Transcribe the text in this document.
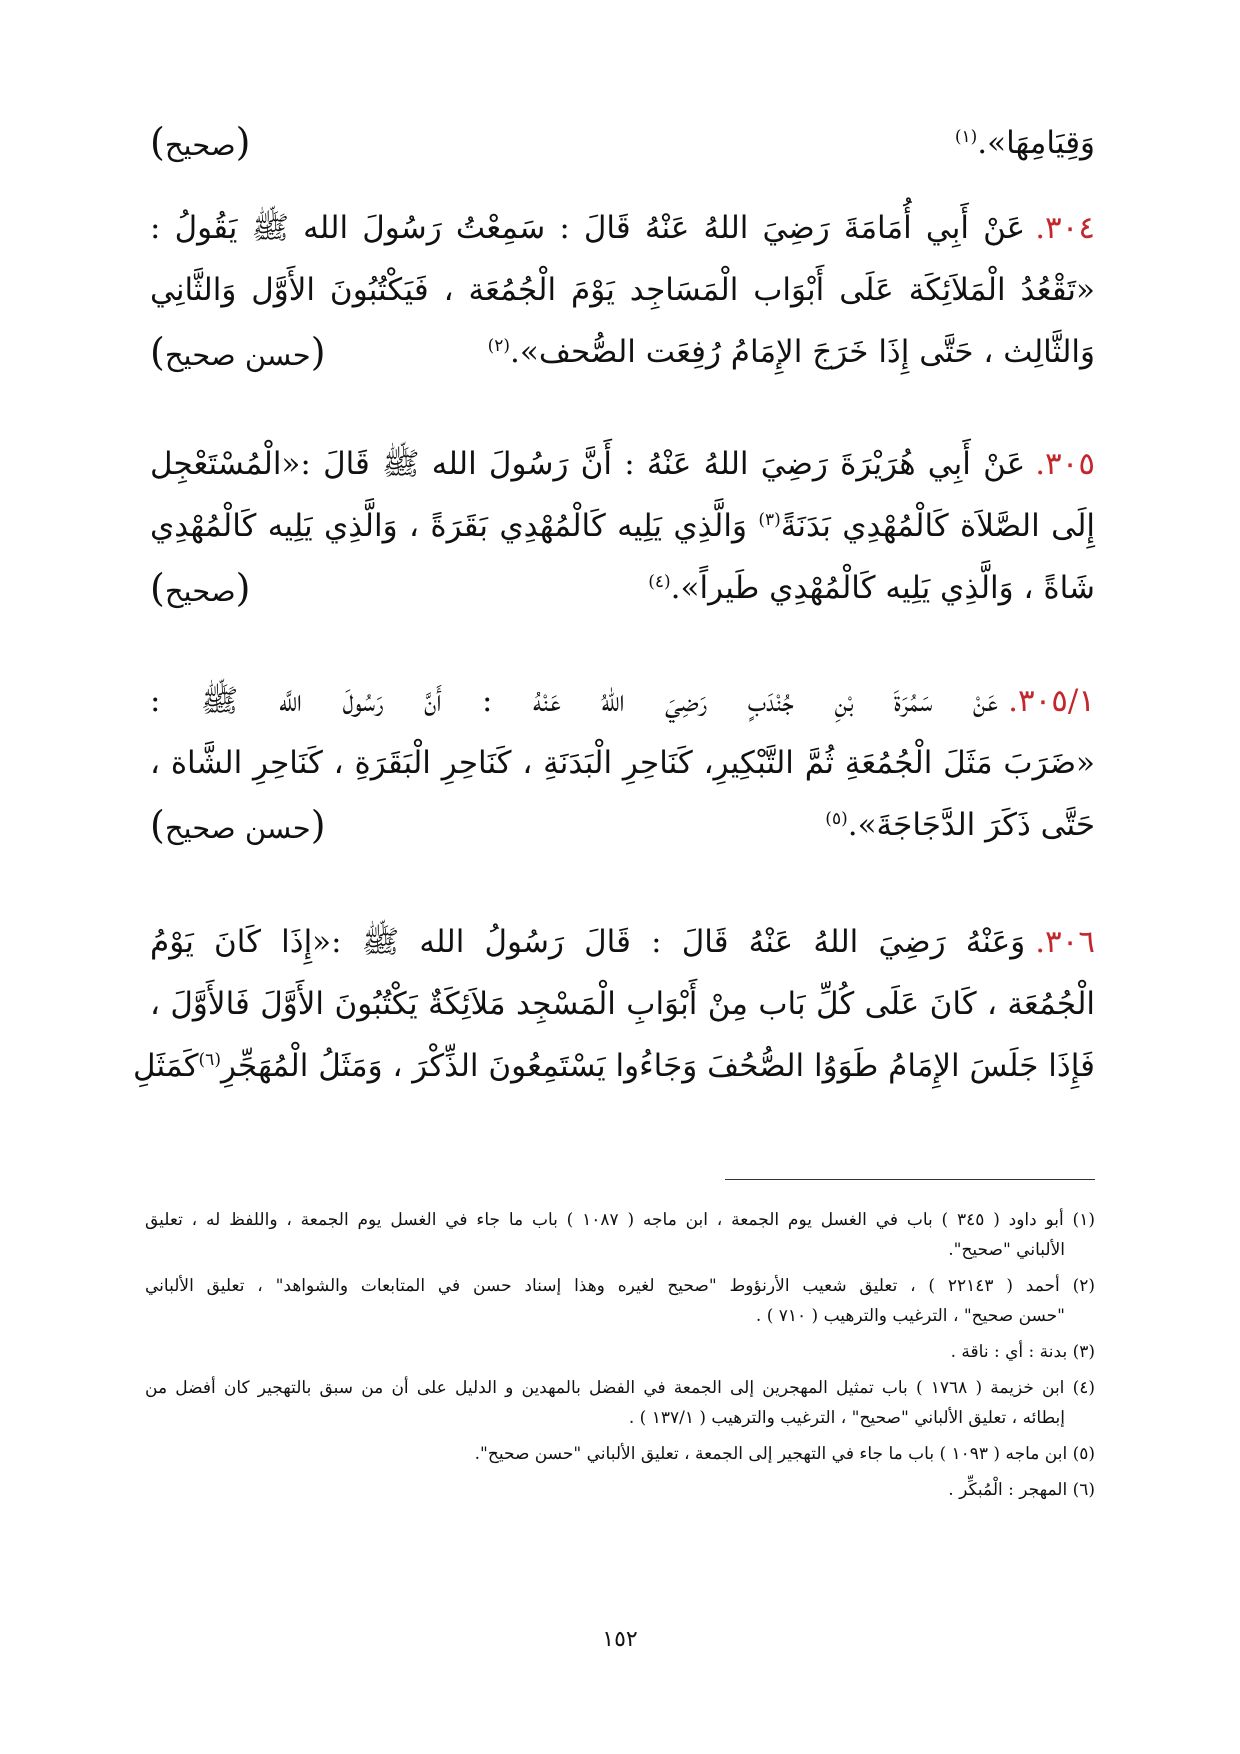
وَقِيَامِهَا».$^{(١)}$
(صحيح)
٣٠٤.عَنْ أَبِي أُمَامَةَ رَضِيَ اللهُ عَنْهُ قَالَ : سَمِعْتُ رَسُولَ الله ﷺ يَقُولُ :
«تَقْعُدُ الْمَلاَئِكَة عَلَى أَبْوَاب الْمَسَاجِد يَوْمَ الْجُمُعَة ، فَيَكْتُبُونَ الأَوَّل وَالثَّانِي
وَالثَّالِث ، حَتَّى إِذَا خَرَجَ الإِمَامُ رُفِعَت الصُّحف».$^{(٢)}$
(حسن صحيح)
٣٠٥.عَنْ أَبِي هُرَيْرَةَ رَضِيَ اللهُ عَنْهُ : أَنَّ رَسُولَ الله ﷺ قَالَ :«الْمُسْتَعْجِل
إِلَى الصَّلاَة كَالْمُهْدِي بَدَنَةً$^{(٣)}$ وَالَّذِي يَلِيه كَالْمُهْدِي بَقَرَةً ، وَالَّذِي يَلِيه كَالْمُهْدِي
شَاةً ، وَالَّذِي يَلِيه كَالْمُهْدِي طَيراً».$^{(٤)}$
(صحيح)
٣٠٥/١.عَنْ سَمُرَةَ بْنِ جُنْدَبٍ رَضِيَ اللهُ عَنْهُ : أَنَّ رَسُولَ اللَّه ﷺ :
«ضَرَبَ مَثَلَ الْجُمُعَةِ ثُمَّ التَّبْكِيرِ، كَنَاحِرِ الْبَدَنَةِ ، كَنَاحِرِ الْبَقَرَةِ ، كَنَاحِرِ الشَّاة ،
حَتَّى ذَكَرَ الدَّجَاجَةَ».$^{(٥)}$
(حسن صحيح)
٣٠٦.وَعَنْهُ رَضِيَ اللهُ عَنْهُ قَالَ : قَالَ رَسُولُ الله ﷺ :«إِذَا كَانَ يَوْمُ
الْجُمُعَة ، كَانَ عَلَى كُلِّ بَاب مِنْ أَبْوَابِ الْمَسْجِد مَلاَئِكَةٌ يَكْتُبُونَ الأَوَّلَ فَالأَوَّلَ ،
فَإِذَا جَلَسَ الإِمَامُ طَوَوُا الصُّحُفَ وَجَاءُوا يَسْتَمِعُونَ الذِّكْرَ ، وَمَثَلُ الْمُهَجِّرِ$^{(٦)}$كَمَثَلِ
(١) أبو داود ( ٣٤٥ ) باب في الغسل يوم الجمعة ، ابن ماجه ( ١٠٨٧ ) باب ما جاء في الغسل يوم الجمعة ، واللفظ له ، تعليق
الألباني "صحيح".
(٢) أحمد ( ٢٢١٤٣ ) ، تعليق شعيب الأرنؤوط "صحيح لغيره وهذا إسناد حسن في المتابعات والشواهد" ، تعليق الألباني
"حسن صحيح" ، الترغيب والترهيب ( ٧١٠ ) .
(٣) بدنة : أي : ناقة .
(٤) ابن خزيمة ( ١٧٦٨ ) باب تمثيل المهجرين إلى الجمعة في الفضل بالمهدين و الدليل على أن من سبق بالتهجير كان أفضل من
إبطائه ، تعليق الألباني "صحيح" ، الترغيب والترهيب ( ١٣٧/١ ) .
(٥) ابن ماجه ( ١٠٩٣ ) باب ما جاء في التهجير إلى الجمعة ، تعليق الألباني "حسن صحيح".
(٦) المهجر : الْمُبكِّر .
١٥٢
